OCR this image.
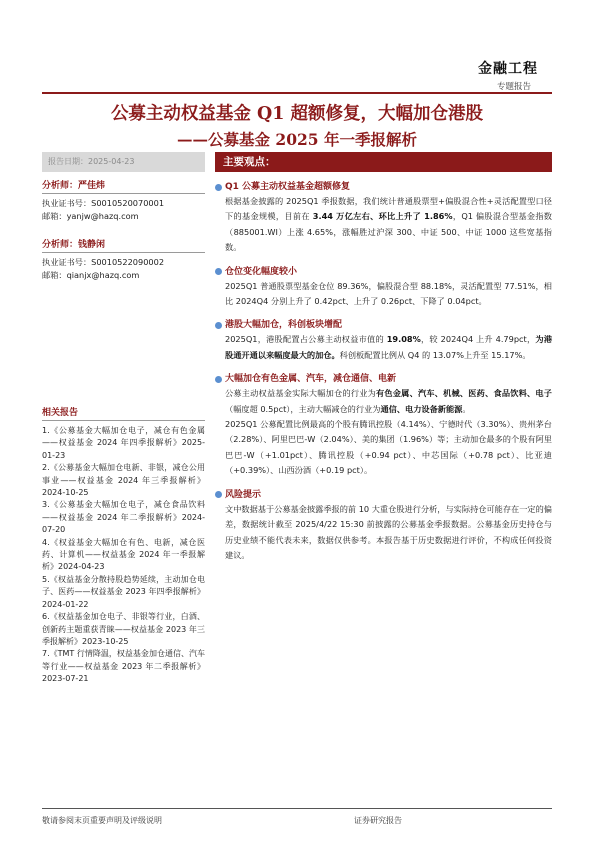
金融工程
专题报告
公募主动权益基金 Q1 超额修复，大幅加仓港股
——公募基金 2025 年一季报解析
报告日期：2025-04-23	主要观点：
分析师：严佳炜
执业证书号：S0010520070001
邮箱：yanjw@hazq.com
分析师：钱静闲
执业证书号：S0010522090002
邮箱：qianjx@hazq.com
相关报告
1.《公募基金大幅加仓电子，减仓有色金属——权益基金 2024 年四季报解析》2025-01-23
2.《公募基金大幅加仓电新、非银，减仓公用事业——权益基金 2024 年三季报解析》2024-10-25
3.《公募基金大幅加仓电子，减仓食品饮料——权益基金 2024 年二季报解析》2024-07-20
4.《权益基金大幅加仓有色、电新，减仓医药、计算机——权益基金 2024 年一季报解析》2024-04-23
5.《权益基金分散持股趋势延续，主动加仓电子、医药——权益基金 2023 年四季报解析》2024-01-22
6.《权益基金加仓电子、非银等行业，白酒、创新药主题重获青睐——权益基金 2023 年三季报解析》2023-10-25
7.《TMT 行情降温，权益基金加仓通信、汽车等行业——权益基金 2023 年二季报解析》2023-07-21
Q1 公募主动权益基金超额修复
根据基金披露的 2025Q1 季报数据，我们统计普通股票型+偏股混合性+灵活配置型口径下的基金规模，目前在 3.44 万亿左右、环比上升了 1.86%，Q1 偏股混合型基金指数（885001.WI）上涨 4.65%，涨幅胜过沪深 300、中证 500、中证 1000 这些宽基指数。
仓位变化幅度较小
2025Q1 普通股票型基金仓位 89.36%，偏股混合型 88.18%，灵活配置型 77.51%，相比 2024Q4 分别上升了 0.42pct、上升了 0.26pct、下降了 0.04pct。
港股大幅加仓，科创板块增配
2025Q1，港股配置占公募主动权益市值的 19.08%，较 2024Q4 上升 4.79pct，为港股通开通以来幅度最大的加仓。科创板配置比例从 Q4 的 13.07%上升至 15.17%。
大幅加仓有色金属、汽车，减仓通信、电新
公募主动权益基金实际大幅加仓的行业为有色金属、汽车、机械、医药、食品饮料、电子（幅度超 0.5pct），主动大幅减仓的行业为通信、电力设备新能源。
2025Q1 公募配置比例最高的个股有腾讯控股（4.14%）、宁德时代（3.30%）、贵州茅台（2.28%）、阿里巴巴-W（2.04%）、美的集团（1.96%）等；主动加仓最多的个股有阿里巴巴-W（+1.01pct）、腾讯控股（+0.94 pct）、中芯国际（+0.78 pct）、比亚迪（+0.39%）、山西汾酒（+0.19 pct）。
风险提示
文中数据基于公募基金披露季报的前 10 大重仓股进行分析，与实际持仓可能存在一定的偏差，数据统计截至 2025/4/22 15:30 前披露的公募基金季报数据。公募基金历史持仓与历史业绩不能代表未来，数据仅供参考。本报告基于历史数据进行评价，不构成任何投资建议。
敬请参阅末页重要声明及评级说明	证券研究报告
